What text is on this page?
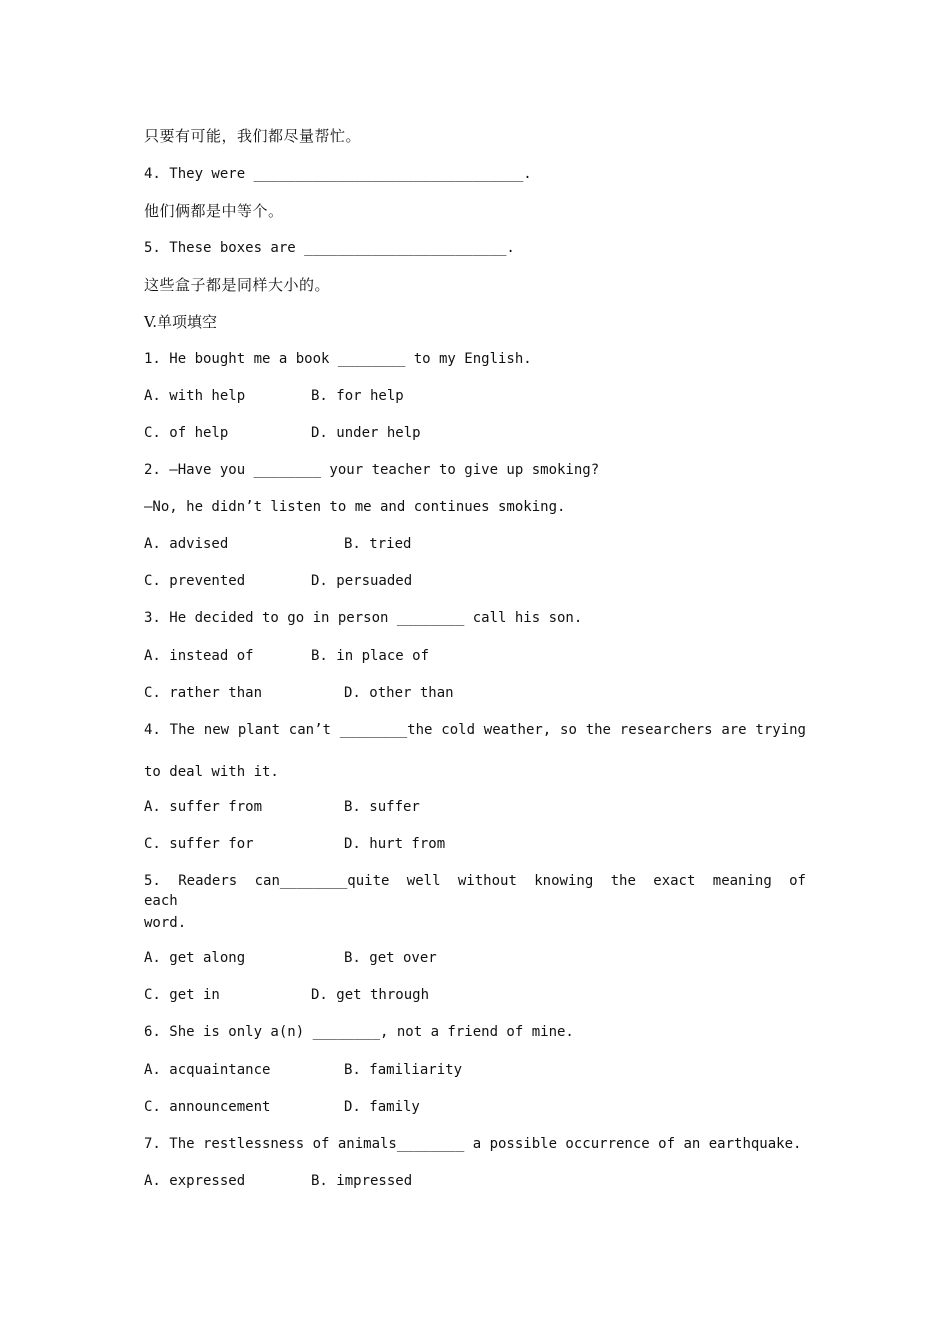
只要有可能，我们都尽量帮忙。
4. They were ________________________________.
他们俩都是中等个。
5. These boxes are ________________________.
这些盒子都是同样大小的。
V.单项填空
1. He bought me a book ________ to my English.
A. with help	B. for help
C. of help	D. under help
2. —Have you ________ your teacher to give up smoking?
—No, he didn’t listen to me and continues smoking.
A. advised	B. tried
C. prevented	D. persuaded
3. He decided to go in person ________ call his son.
A. instead of	B. in place of
C. rather than	D. other than
4. The new plant can’t ________the cold weather, so the researchers are trying
to deal with it.
A. suffer from	B. suffer
C. suffer for	D. hurt from
5. Readers can________quite well without knowing the exact meaning of each
word.
A. get along	B. get over
C. get in	D. get through
6. She is only a(n) ________, not a friend of mine.
A. acquaintance	B. familiarity
C. announcement	D. family
7. The restlessness of animals________ a possible occurrence of an earthquake.
A. expressed	B. impressed
